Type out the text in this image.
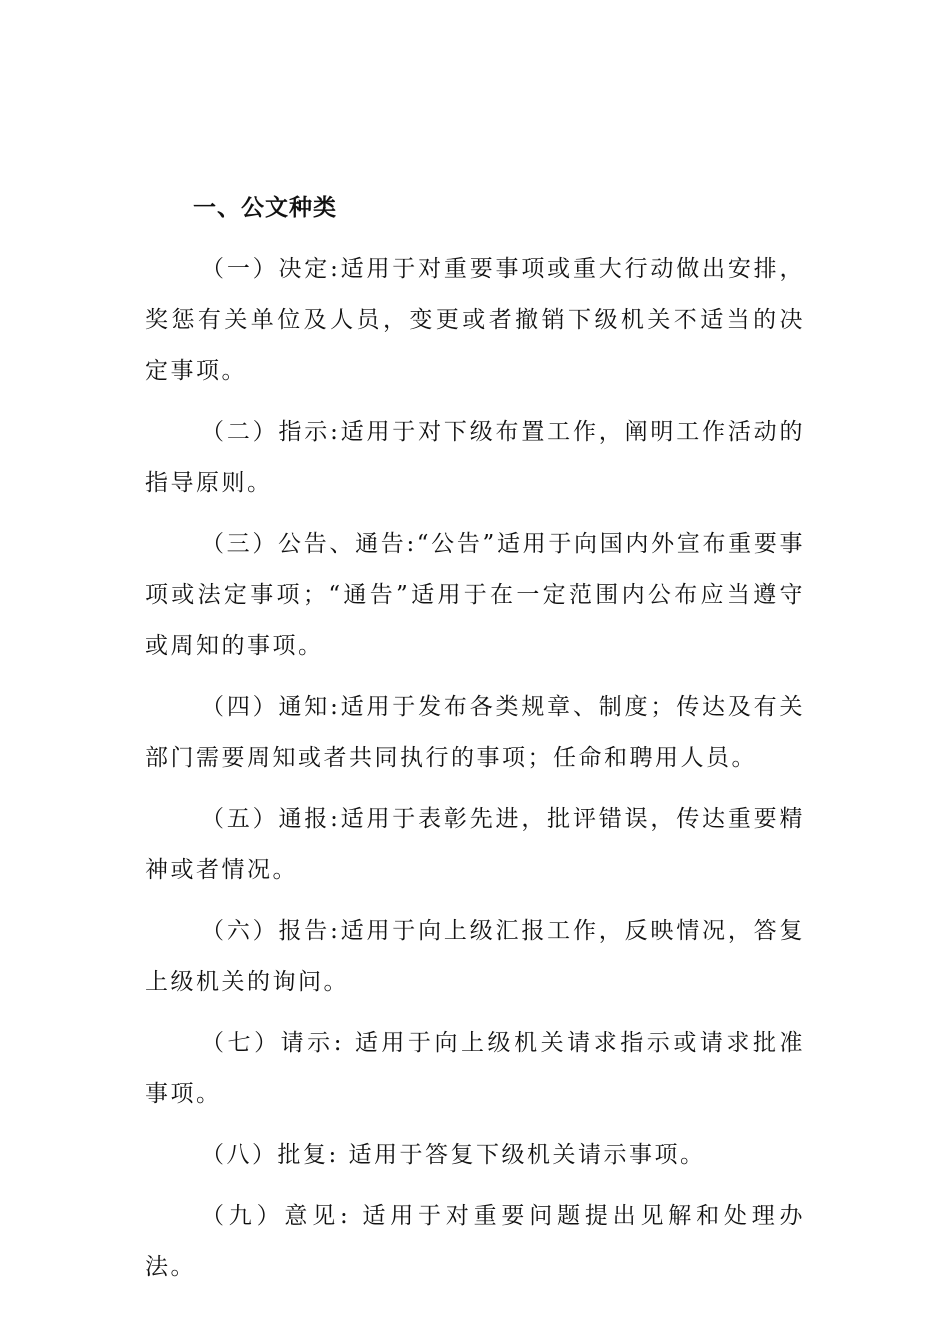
一、公文种类

（一）决定:适用于对重要事项或重大行动做出安排，奖惩有关单位及人员，变更或者撤销下级机关不适当的决定事项。

（二）指示:适用于对下级布置工作，阐明工作活动的指导原则。

（三）公告、通告:“公告”适用于向国内外宣布重要事项或法定事项；“通告”适用于在一定范围内公布应当遵守或周知的事项。

（四）通知:适用于发布各类规章、制度；传达及有关部门需要周知或者共同执行的事项；任命和聘用人员。

（五）通报:适用于表彰先进，批评错误，传达重要精神或者情况。

（六）报告:适用于向上级汇报工作，反映情况，答复上级机关的询问。

（七）请示: 适用于向上级机关请求指示或请求批准事项。

（八）批复: 适用于答复下级机关请示事项。

（九）意见: 适用于对重要问题提出见解和处理办法。
